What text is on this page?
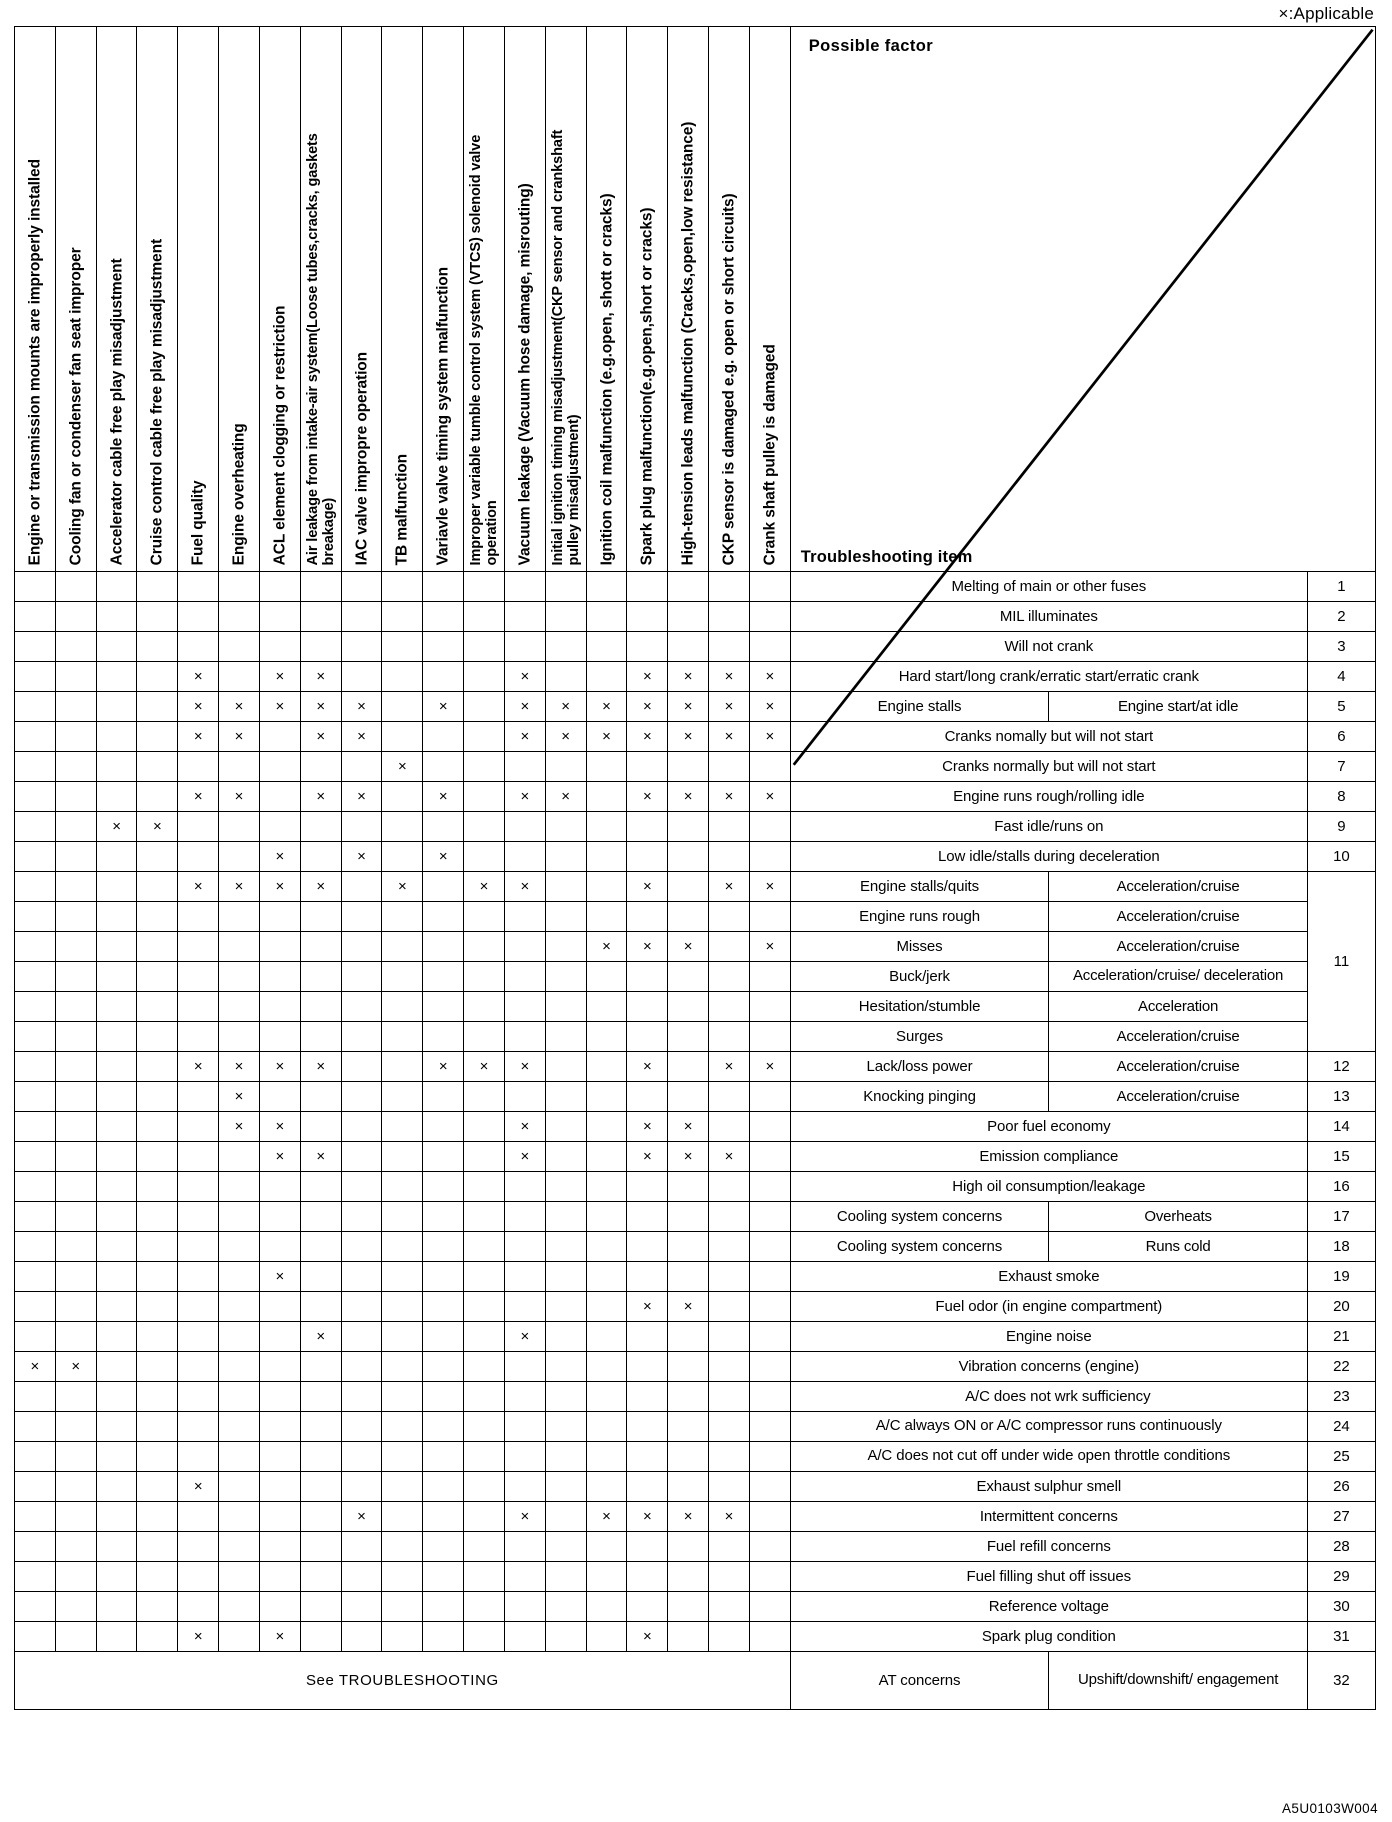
×:Applicable
Engine or transmission mounts are improperly installed	Cooling fan or condenser fan seat improper	Accelerator cable free play misadjustment	Cruise control cable free play misadjustment	Fuel quality	Engine overheating	ACL element clogging or restriction	Air leakage from intake-air system(Loose tubes,cracks, gaskets breakage)	IAC valve impropre operation	TB malfunction	Variavle valve timing system malfunction	Improper variable tumble control system (VTCS) solenoid valve operation	Vacuum leakage (Vacuum hose damage, misrouting)	Initial ignition timing misadjustment(CKP sensor and crankshaft pulley misadjustment)	Ignition coil malfunction (e.g.open, shott or cracks)	Spark plug malfunction(e.g.open,short or cracks)	High-tension leads malfunction (Cracks,open,low resistance)	CKP sensor is damaged e.g. open or short circuits)	Crank shaft pulley is damaged	Possible factor
Troubleshooting item		

																			Melting of main or other fuses		1
																			MIL illuminates		2
																			Will not crank		3
				×		×	×					×			×	×	×	×	Hard start/long crank/erratic start/erratic crank		4
				×	×	×	×	×		×		×	×	×	×	×	×	×	Engine stalls	Engine start/at idle	5
				×	×		×	×				×	×	×	×	×	×	×	Cranks nomally but will not start		6
									×										Cranks normally but will not start		7
				×	×		×	×		×		×	×		×	×	×	×	Engine runs rough/rolling idle		8
		×	×																Fast idle/runs on		9
						×		×		×									Low idle/stalls during deceleration		10
				×	×	×	×		×		×	×			×		×	×	Engine stalls/quits	Acceleration/cruise	11
																			Engine runs rough	Acceleration/cruise	
														×	×	×		×	Misses	Acceleration/cruise	
																			Buck/jerk	Acceleration/cruise/ deceleration	
																			Hesitation/stumble	Acceleration	
																			Surges	Acceleration/cruise	
				×	×	×	×			×	×	×			×		×	×	Lack/loss power	Acceleration/cruise	12
					×														Knocking pinging	Acceleration/cruise	13
					×	×						×			×	×			Poor fuel economy		14
						×	×					×			×	×	×		Emission compliance		15
																			High oil consumption/leakage		16
																			Cooling system concerns	Overheats	17
																			Cooling system concerns	Runs cold	18
						×													Exhaust smoke		19
															×	×			Fuel odor (in engine compartment)		20
							×					×							Engine noise		21
×	×																		Vibration concerns (engine)		22
																			A/C does not wrk sufficiency		23
																			A/C always ON or A/C compressor runs continuously		24
																			A/C does not cut off under wide open throttle conditions		25
				×															Exhaust sulphur smell		26
								×				×		×	×	×	×		Intermittent concerns		27
																			Fuel refill concerns		28
																			Fuel filling shut off issues		29
																			Reference voltage		30
				×		×									×				Spark plug condition		31
See TROUBLESHOOTING																			AT concerns	Upshift/downshift/ engagement	32
A5U0103W004
